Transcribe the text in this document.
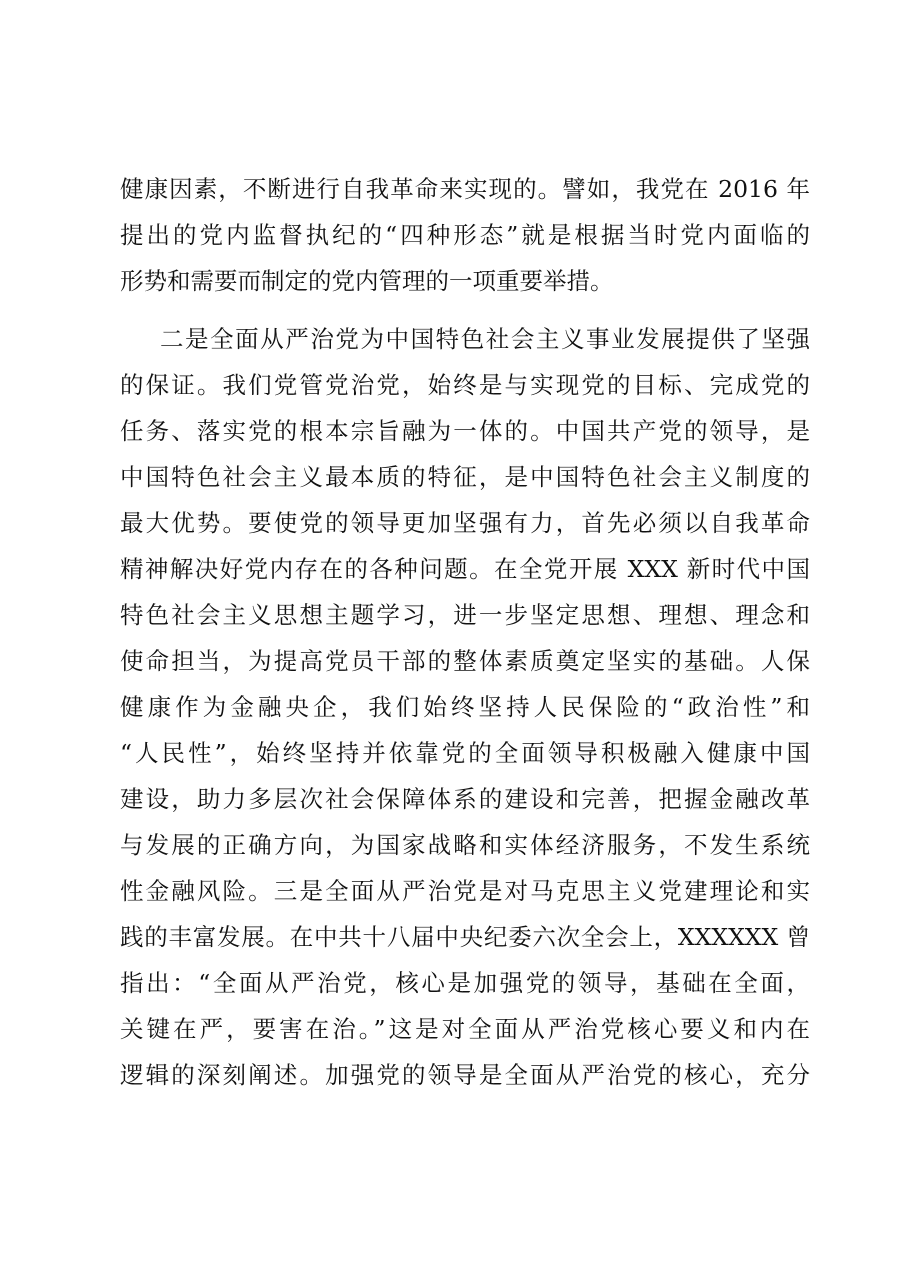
健康因素，不断进行自我革命来实现的。譬如，我党在 2016 年
提出的党内监督执纪的“四种形态”就是根据当时党内面临的
形势和需要而制定的党内管理的一项重要举措。
二是全面从严治党为中国特色社会主义事业发展提供了坚强
的保证。我们党管党治党，始终是与实现党的目标、完成党的
任务、落实党的根本宗旨融为一体的。中国共产党的领导，是
中国特色社会主义最本质的特征，是中国特色社会主义制度的
最大优势。要使党的领导更加坚强有力，首先必须以自我革命
精神解决好党内存在的各种问题。在全党开展 XXX 新时代中国
特色社会主义思想主题学习，进一步坚定思想、理想、理念和
使命担当，为提高党员干部的整体素质奠定坚实的基础。人保
健康作为金融央企，我们始终坚持人民保险的“政治性”和
“人民性”，始终坚持并依靠党的全面领导积极融入健康中国
建设，助力多层次社会保障体系的建设和完善，把握金融改革
与发展的正确方向，为国家战略和实体经济服务，不发生系统
性金融风险。三是全面从严治党是对马克思主义党建理论和实
践的丰富发展。在中共十八届中央纪委六次全会上，XXXXXX 曾
指出：“全面从严治党，核心是加强党的领导，基础在全面，
关键在严，要害在治。”这是对全面从严治党核心要义和内在
逻辑的深刻阐述。加强党的领导是全面从严治党的核心，充分
